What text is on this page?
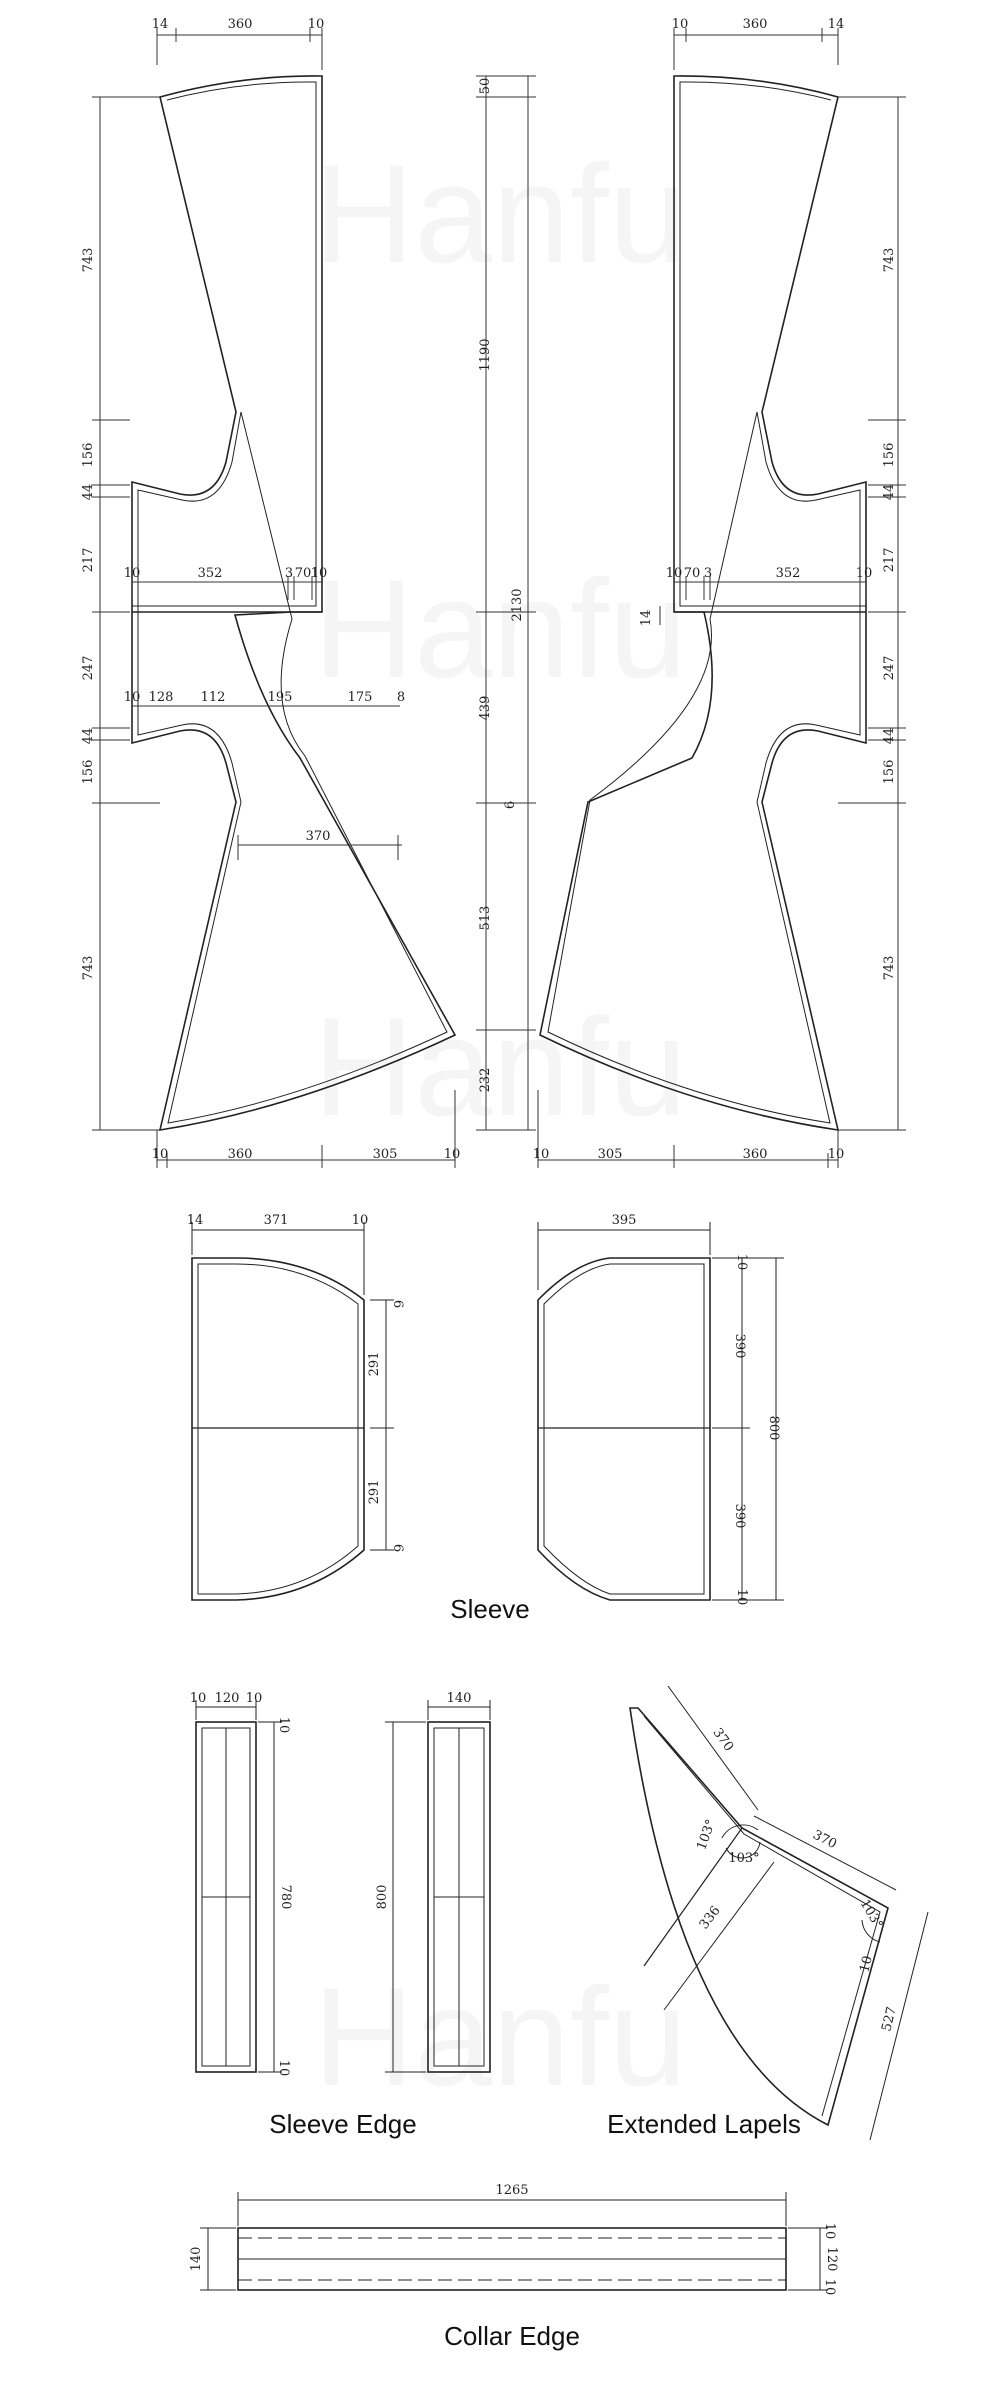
14	360	10
743
156
44
217
247
44
156
743
10	352	3 70 10
10 128 112	195	175 8
370
10	360	305	10
50
1190
2130
439
6
513
232
10	360	14
743
156
44
217
247
44
156
743
10 70 3	352	10
14
10	305	360	10
14	371	10
6
291
291
6
395
10
390
390
10
800
Sleeve
10 120 10
10
780
10
140
800
Sleeve Edge
370
370
336
527
103°
103°
103°
10
Extended Lapels
1265
140
10
120
10
Collar Edge
